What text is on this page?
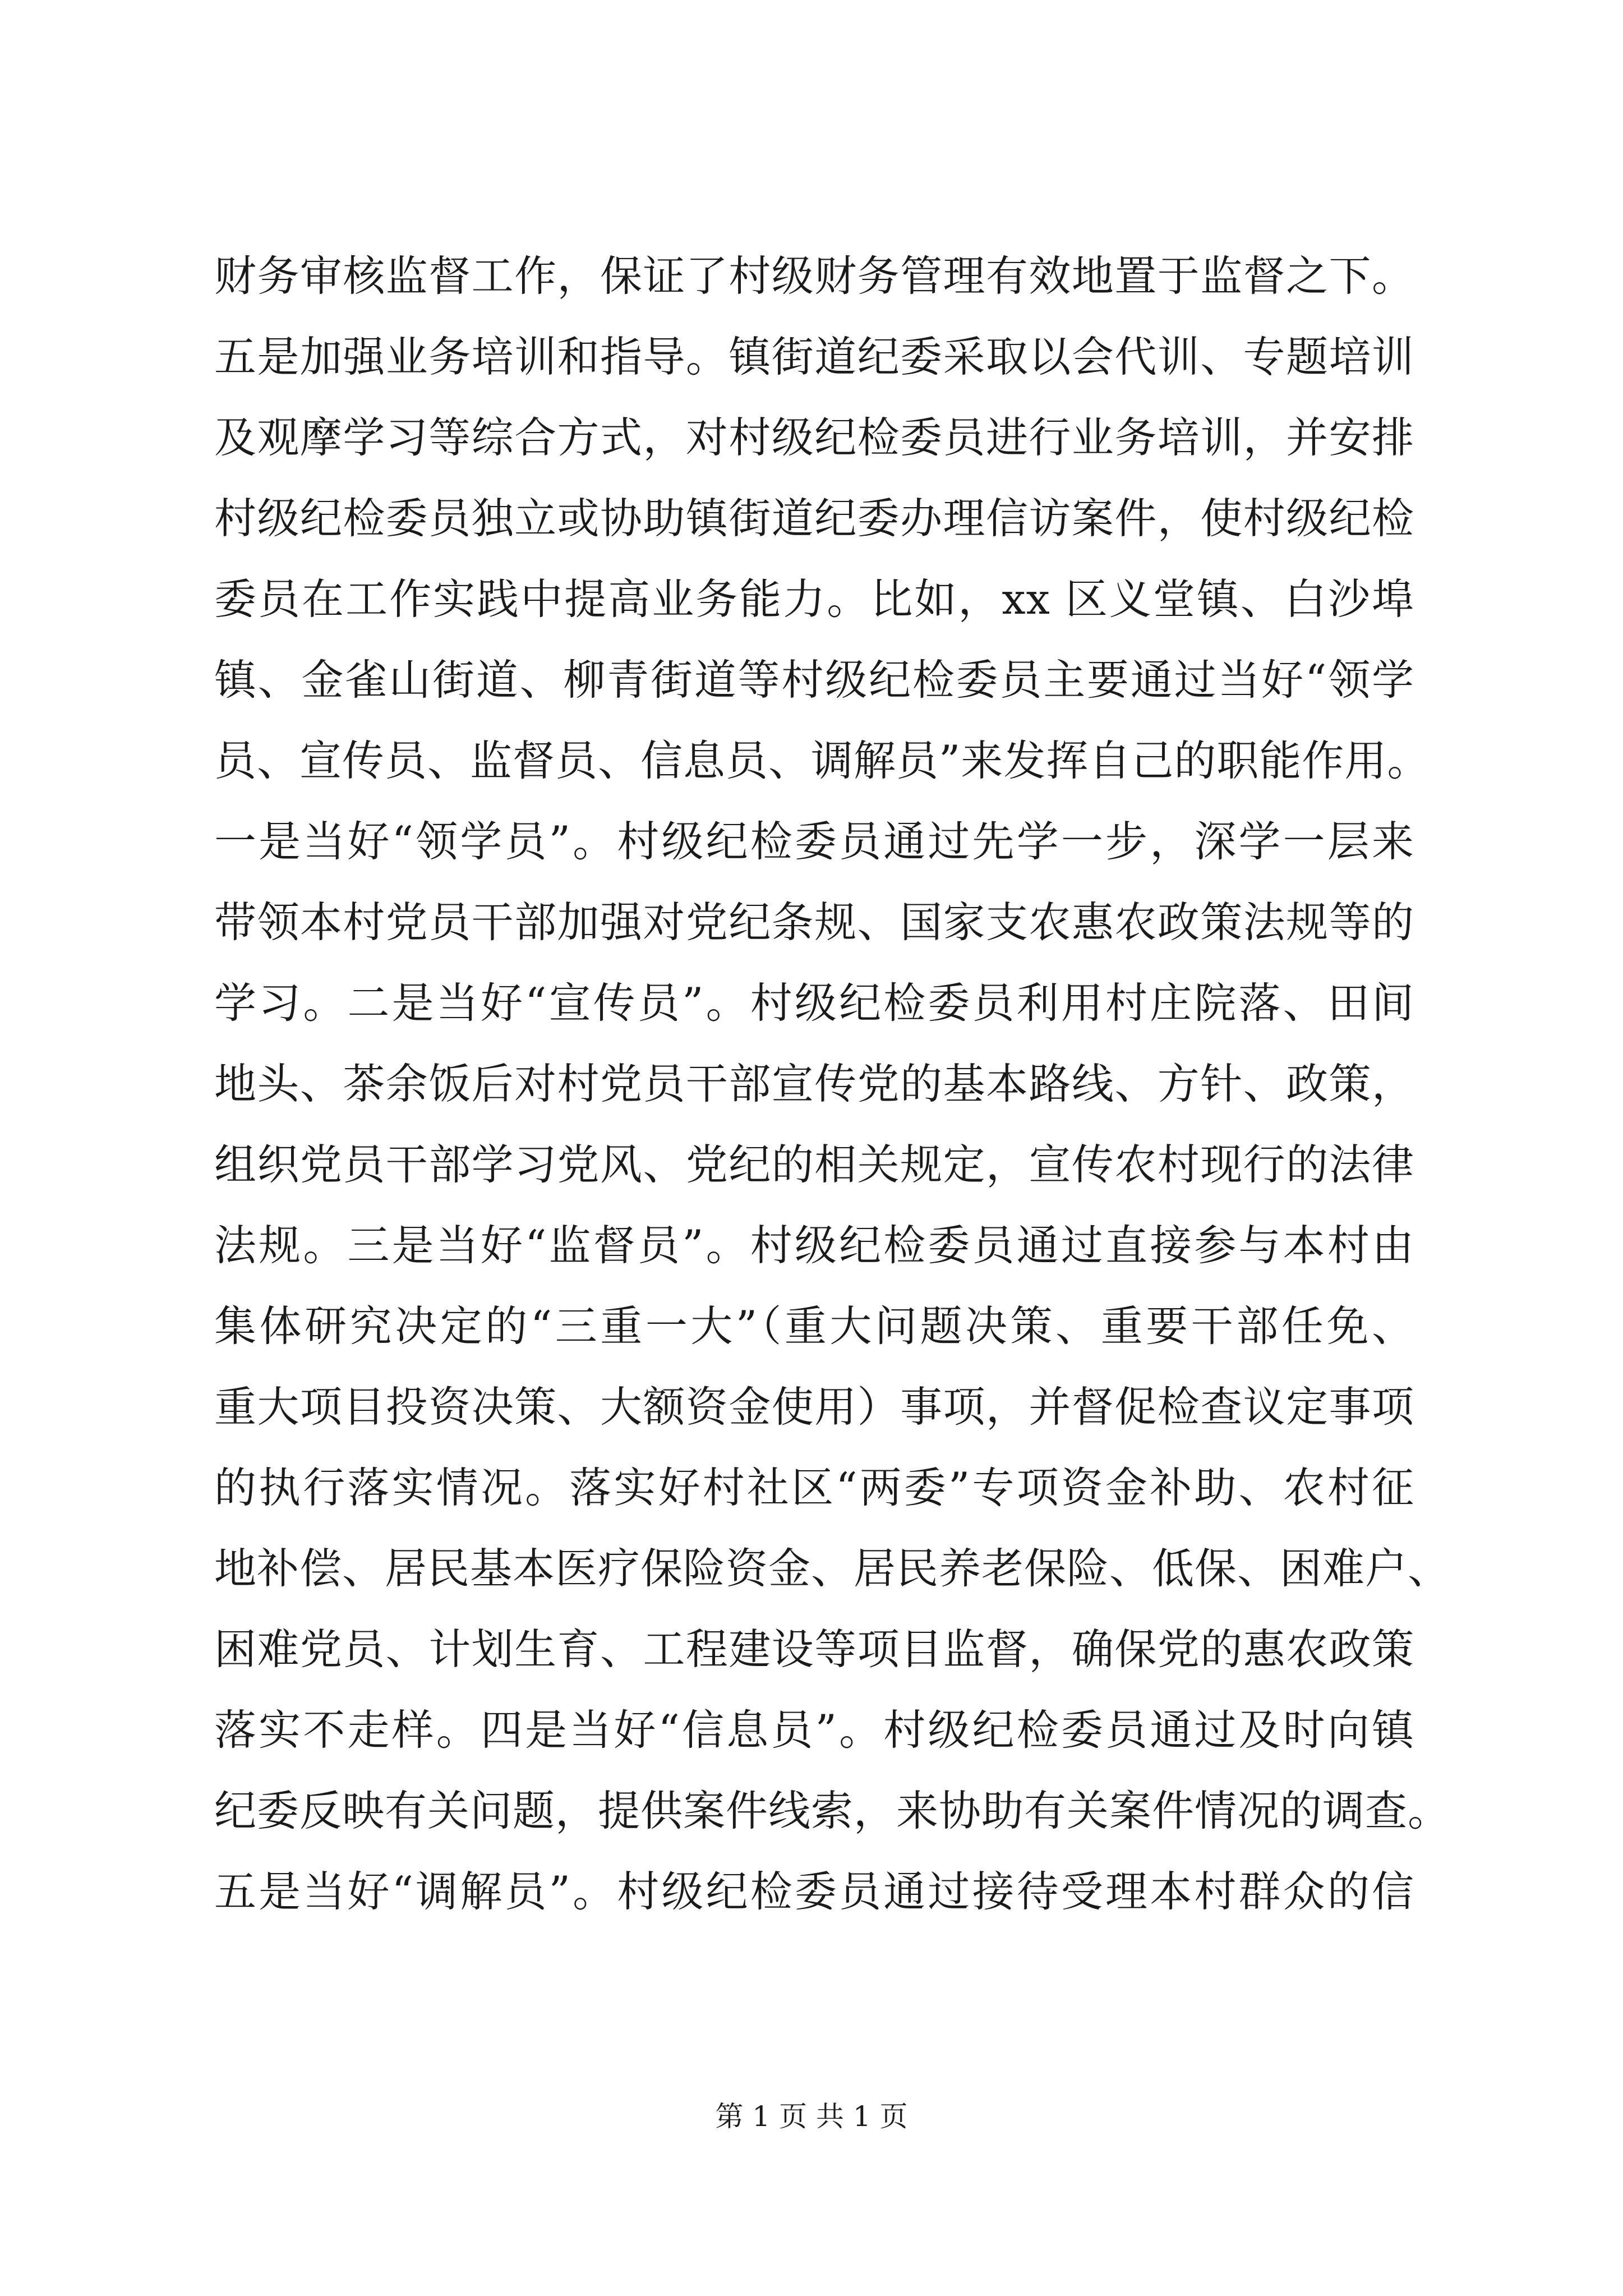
财务审核监督工作，保证了村级财务管理有效地置于监督之下。
五是加强业务培训和指导。镇街道纪委采取以会代训、专题培训
及观摩学习等综合方式，对村级纪检委员进行业务培训，并安排
村级纪检委员独立或协助镇街道纪委办理信访案件，使村级纪检
委员在工作实践中提高业务能力。比如，xx 区义堂镇、白沙埠
镇、金雀山街道、柳青街道等村级纪检委员主要通过当好“领学
员、宣传员、监督员、信息员、调解员”来发挥自己的职能作用。
一是当好“领学员”。村级纪检委员通过先学一步，深学一层来
带领本村党员干部加强对党纪条规、国家支农惠农政策法规等的
学习。二是当好“宣传员”。村级纪检委员利用村庄院落、田间
地头、茶余饭后对村党员干部宣传党的基本路线、方针、政策，
组织党员干部学习党风、党纪的相关规定，宣传农村现行的法律
法规。三是当好“监督员”。村级纪检委员通过直接参与本村由
集体研究决定的“三重一大”（重大问题决策、重要干部任免、
重大项目投资决策、大额资金使用）事项，并督促检查议定事项
的执行落实情况。落实好村社区“两委”专项资金补助、农村征
地补偿、居民基本医疗保险资金、居民养老保险、低保、困难户、
困难党员、计划生育、工程建设等项目监督，确保党的惠农政策
落实不走样。四是当好“信息员”。村级纪检委员通过及时向镇
纪委反映有关问题，提供案件线索，来协助有关案件情况的调查。
五是当好“调解员”。村级纪检委员通过接待受理本村群众的信
第 1 页 共 1 页
